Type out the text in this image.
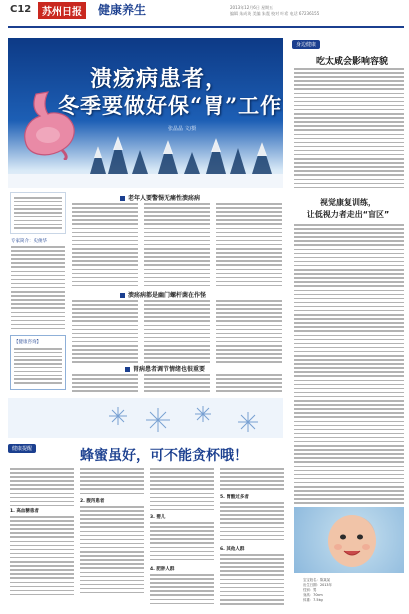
C12	苏州日报	健康养生	2013年12月6日 星期五
编辑 朱成英 美编 朱震 校对 叶希 电话 67236155
溃疡病患者，
冬季要做好保“胃”工作
张晶晶 文/摄
专家简介：史俊华
【健康咨询】
老年人要警惕无痛性溃疡病
溃疡病都是幽门螺杆菌在作怪
胃病患者调节情绪也很重要
健康提醒	蜂蜜虽好，可不能贪杯哦！
1. 高血糖患者
2. 腹泻患者
3. 婴儿
4. 肥胖人群
5. 胃酸过多者
6. 其他人群
身边健康
吃太咸会影响容貌
视觉康复训练，
让低视力者走出“盲区”
宝宝姓名：陈某某
出生日期：2013年
性别：男
身高：70cm
体重：7.5kg
